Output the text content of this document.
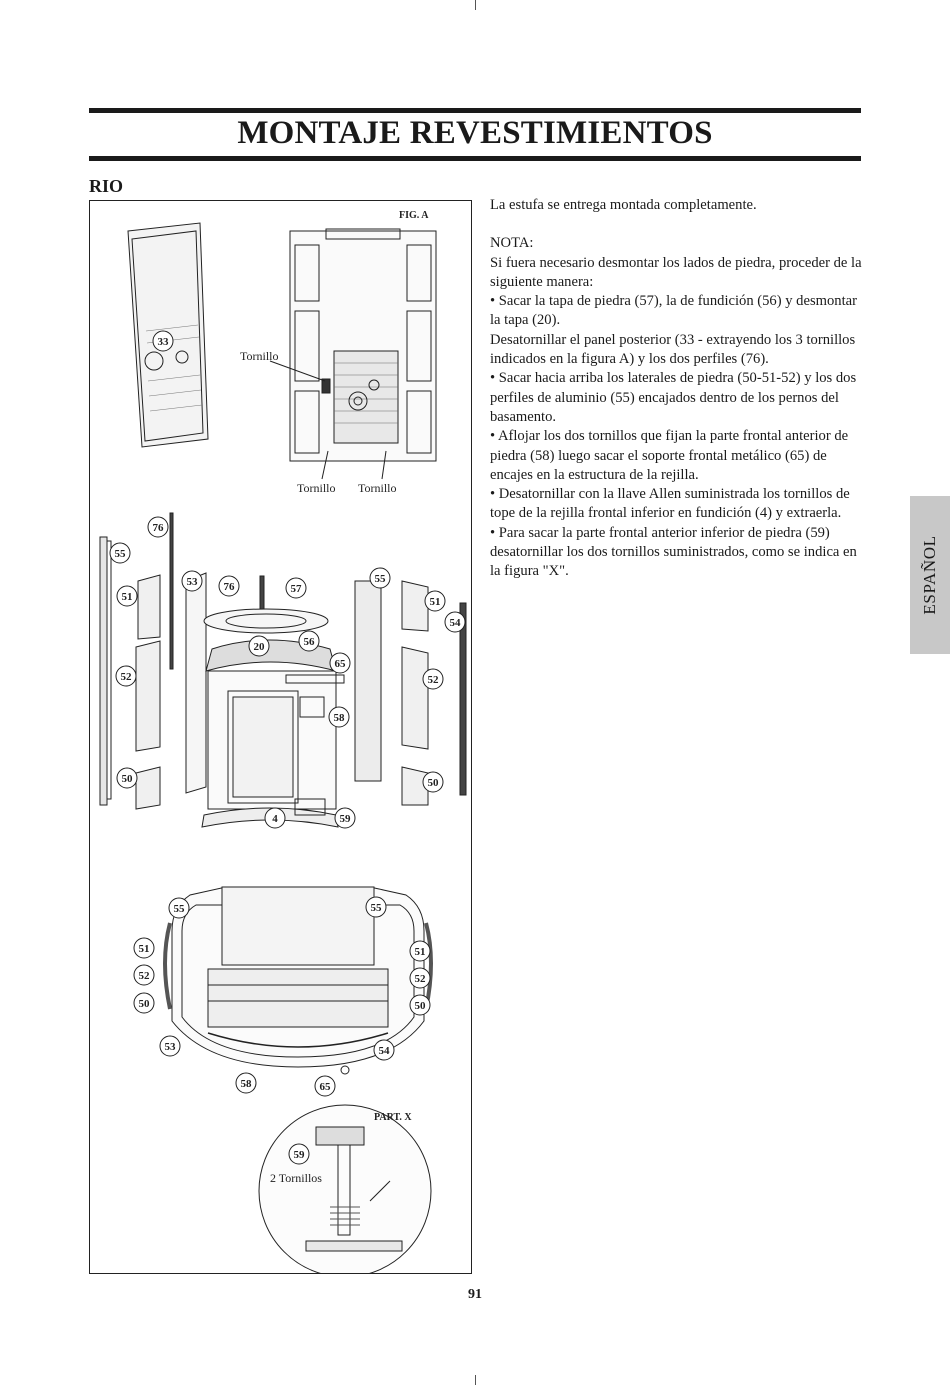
MONTAJE REVESTIMIENTOS
RIO
FIG. A
PART. X
Tornillo
Tornillo Tornillo
2 Tornillos
33
76
55
51
53 76	57
55
51
54
20	56
65
52	52
58
50	50
4	59
55	55
51
52
50
51
52
50
53	54
58	65
59

La estufa se entrega montada completamente.

NOTA:

Si fuera necesario desmontar los lados de piedra, proceder de la siguiente manera:

• Sacar la tapa de piedra (57), la de fundición (56) y desmontar la tapa (20).

Desatornillar el panel posterior (33 - extrayendo los 3 tornillos indicados en la figura A) y los dos perfiles (76).

• Sacar hacia arriba los laterales de piedra (50-51-52) y los dos perfiles de aluminio (55) encajados dentro de los pernos del basamento.

• Aflojar los dos tornillos que fijan la parte frontal anterior de piedra (58) luego sacar el soporte frontal metálico (65) de encajes en la estructura de la rejilla.

• Desatornillar con la llave Allen suministrada los tornillos de tope de la rejilla frontal inferior en fundición (4) y extraerla.

• Para sacar la parte frontal anterior inferior de piedra (59) desatornillar los dos tornillos suministrados, como se indica en la figura "X".	ESPAÑOL
91
